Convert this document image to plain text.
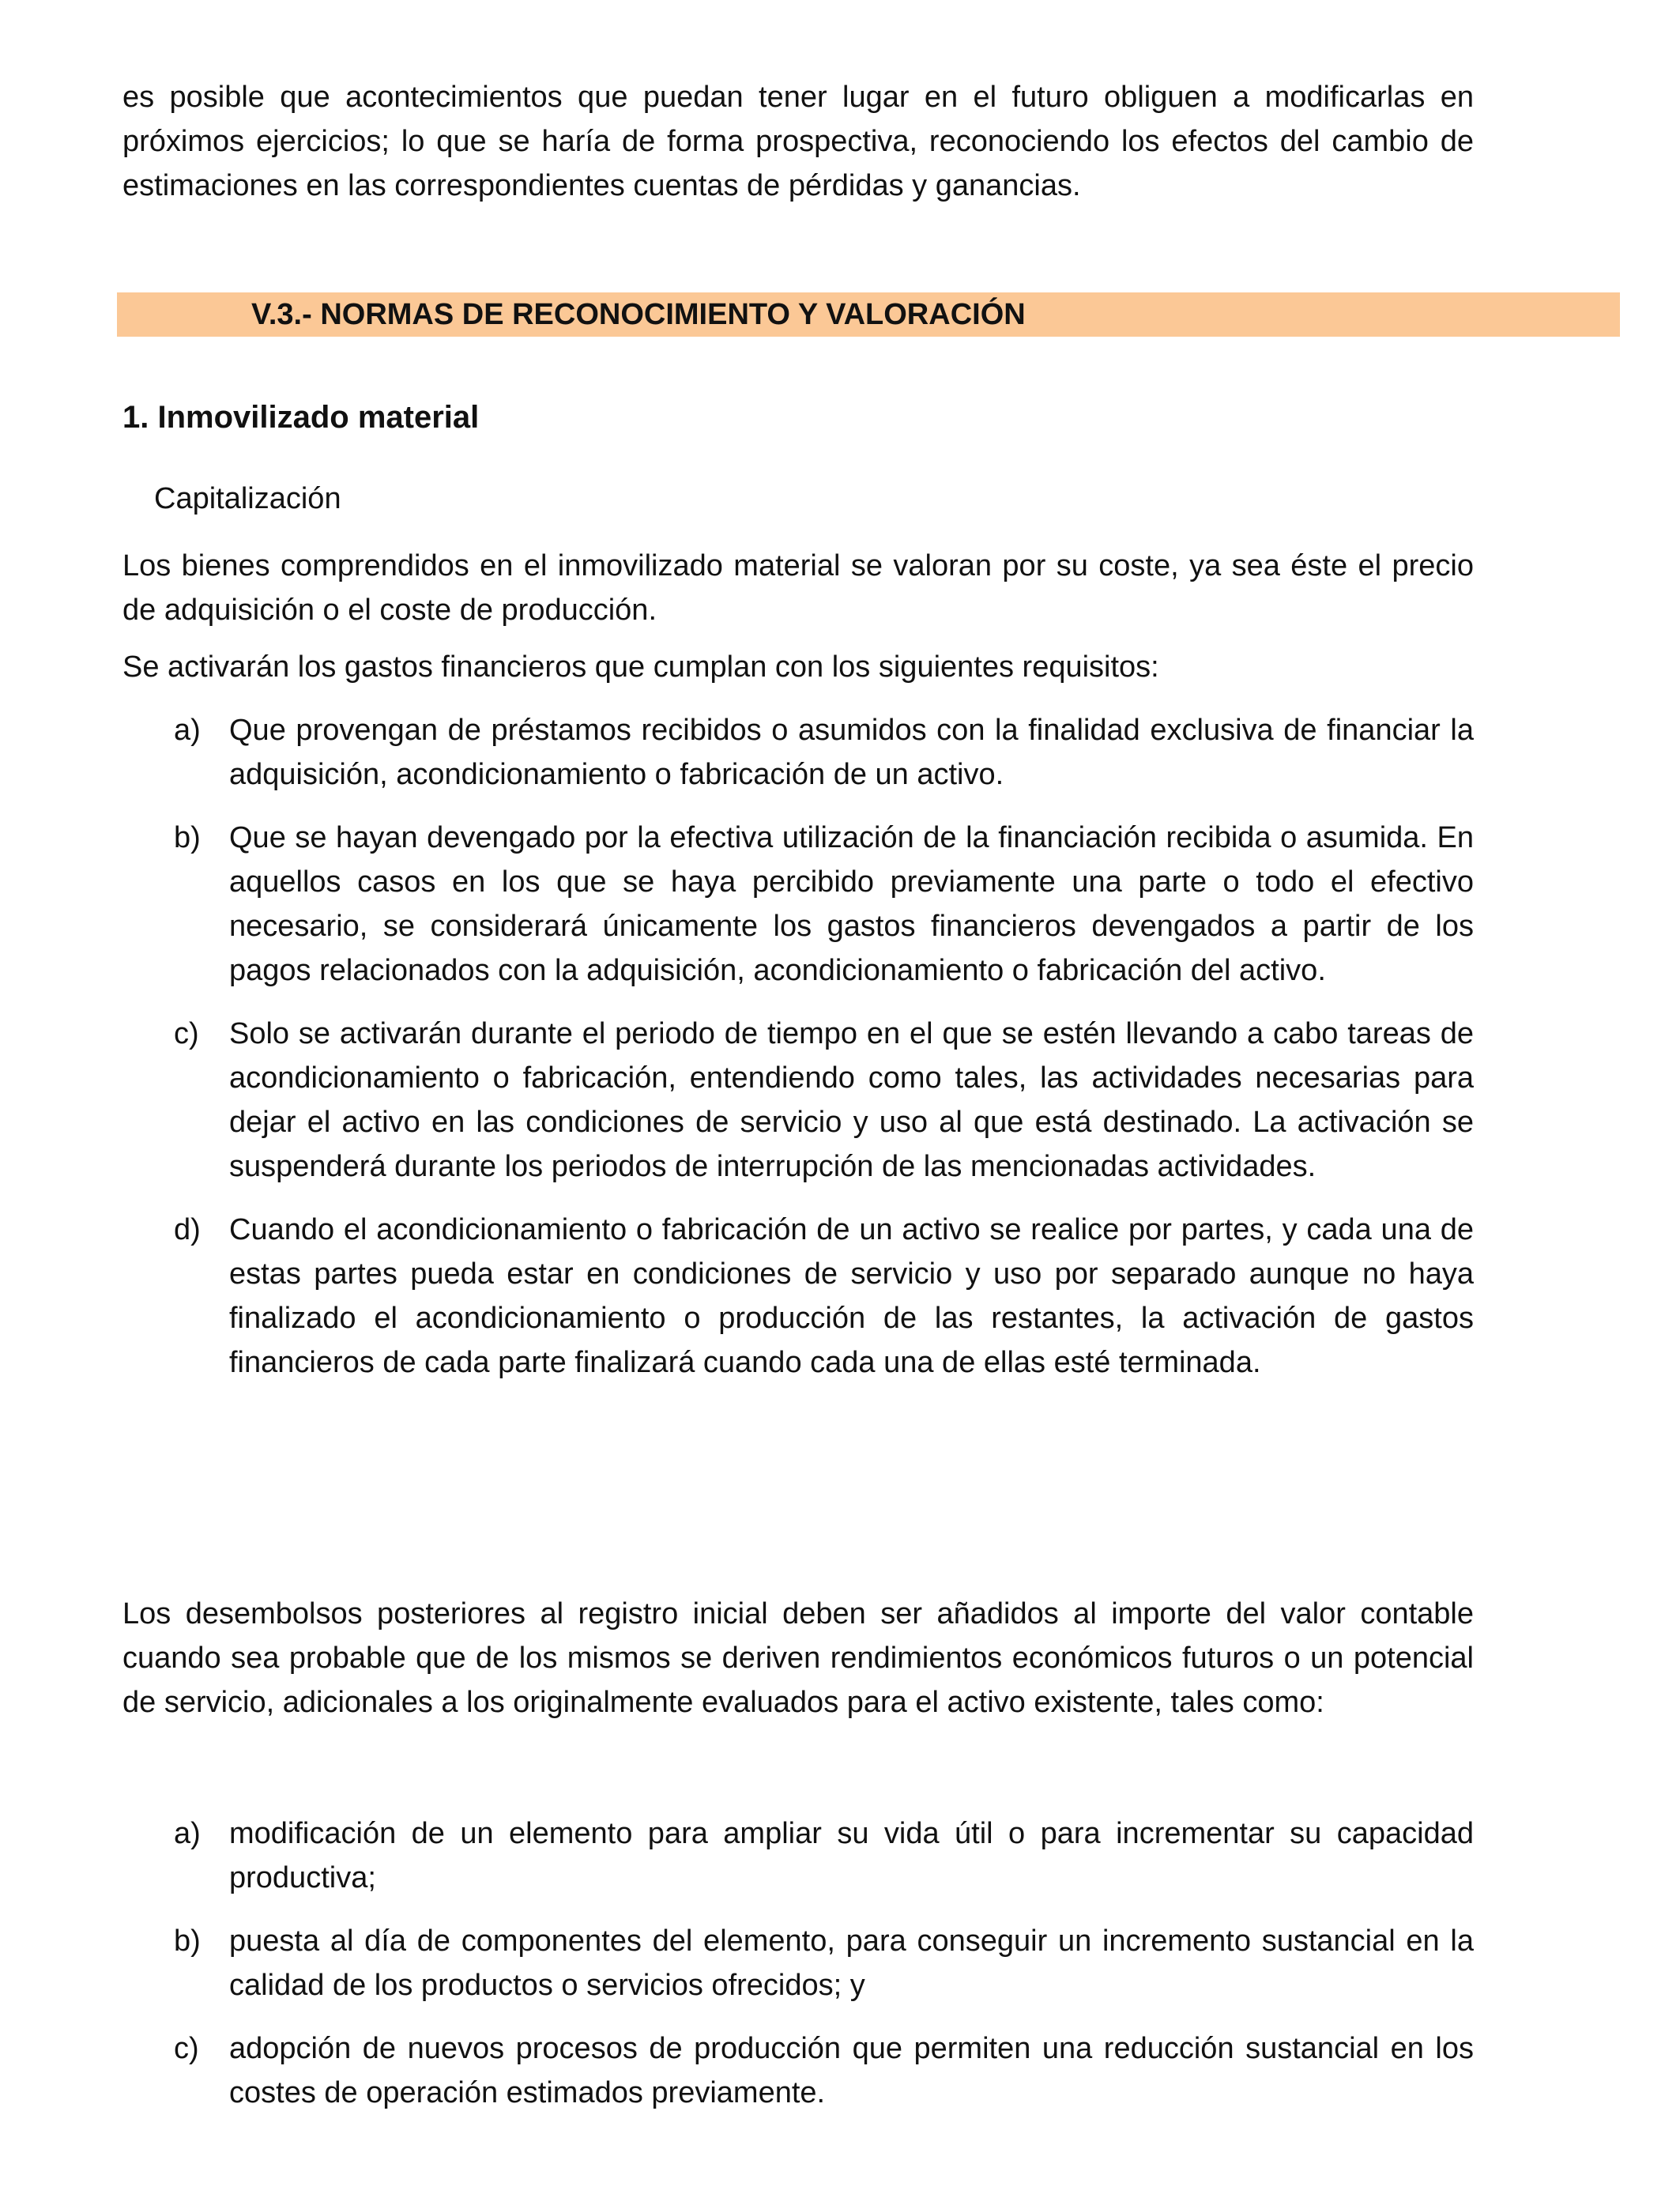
es posible que acontecimientos que puedan tener lugar en el futuro obliguen a modificarlas en próximos ejercicios; lo que se haría de forma prospectiva, reconociendo los efectos del cambio de estimaciones en las correspondientes cuentas de pérdidas y ganancias.

V.3.- NORMAS DE RECONOCIMIENTO Y VALORACIÓN
1. Inmovilizado material
Capitalización

Los bienes comprendidos en el inmovilizado material se valoran por su coste, ya sea éste el precio de adquisición o el coste de producción.

Se activarán los gastos financieros que cumplan con los siguientes requisitos:

a) Que provengan de préstamos recibidos o asumidos con la finalidad exclusiva de financiar la adquisición, acondicionamiento o fabricación de un activo.

b) Que se hayan devengado por la efectiva utilización de la financiación recibida o asumida. En aquellos casos en los que se haya percibido previamente una parte o todo el efectivo necesario, se considerará únicamente los gastos financieros devengados a partir de los pagos relacionados con la adquisición, acondicionamiento o fabricación del activo.

c) Solo se activarán durante el periodo de tiempo en el que se estén llevando a cabo tareas de acondicionamiento o fabricación, entendiendo como tales, las actividades necesarias para dejar el activo en las condiciones de servicio y uso al que está destinado. La activación se suspenderá durante los periodos de interrupción de las mencionadas actividades.

d) Cuando el acondicionamiento o fabricación de un activo se realice por partes, y cada una de estas partes pueda estar en condiciones de servicio y uso por separado aunque no haya finalizado el acondicionamiento o producción de las restantes, la activación de gastos financieros de cada parte finalizará cuando cada una de ellas esté terminada.

Los desembolsos posteriores al registro inicial deben ser añadidos al importe del valor contable cuando sea probable que de los mismos se deriven rendimientos económicos futuros o un potencial de servicio, adicionales a los originalmente evaluados para el activo existente, tales como:

a) modificación de un elemento para ampliar su vida útil o para incrementar su capacidad productiva;

b) puesta al día de componentes del elemento, para conseguir un incremento sustancial en la calidad de los productos o servicios ofrecidos; y

c) adopción de nuevos procesos de producción que permiten una reducción sustancial en los costes de operación estimados previamente.
